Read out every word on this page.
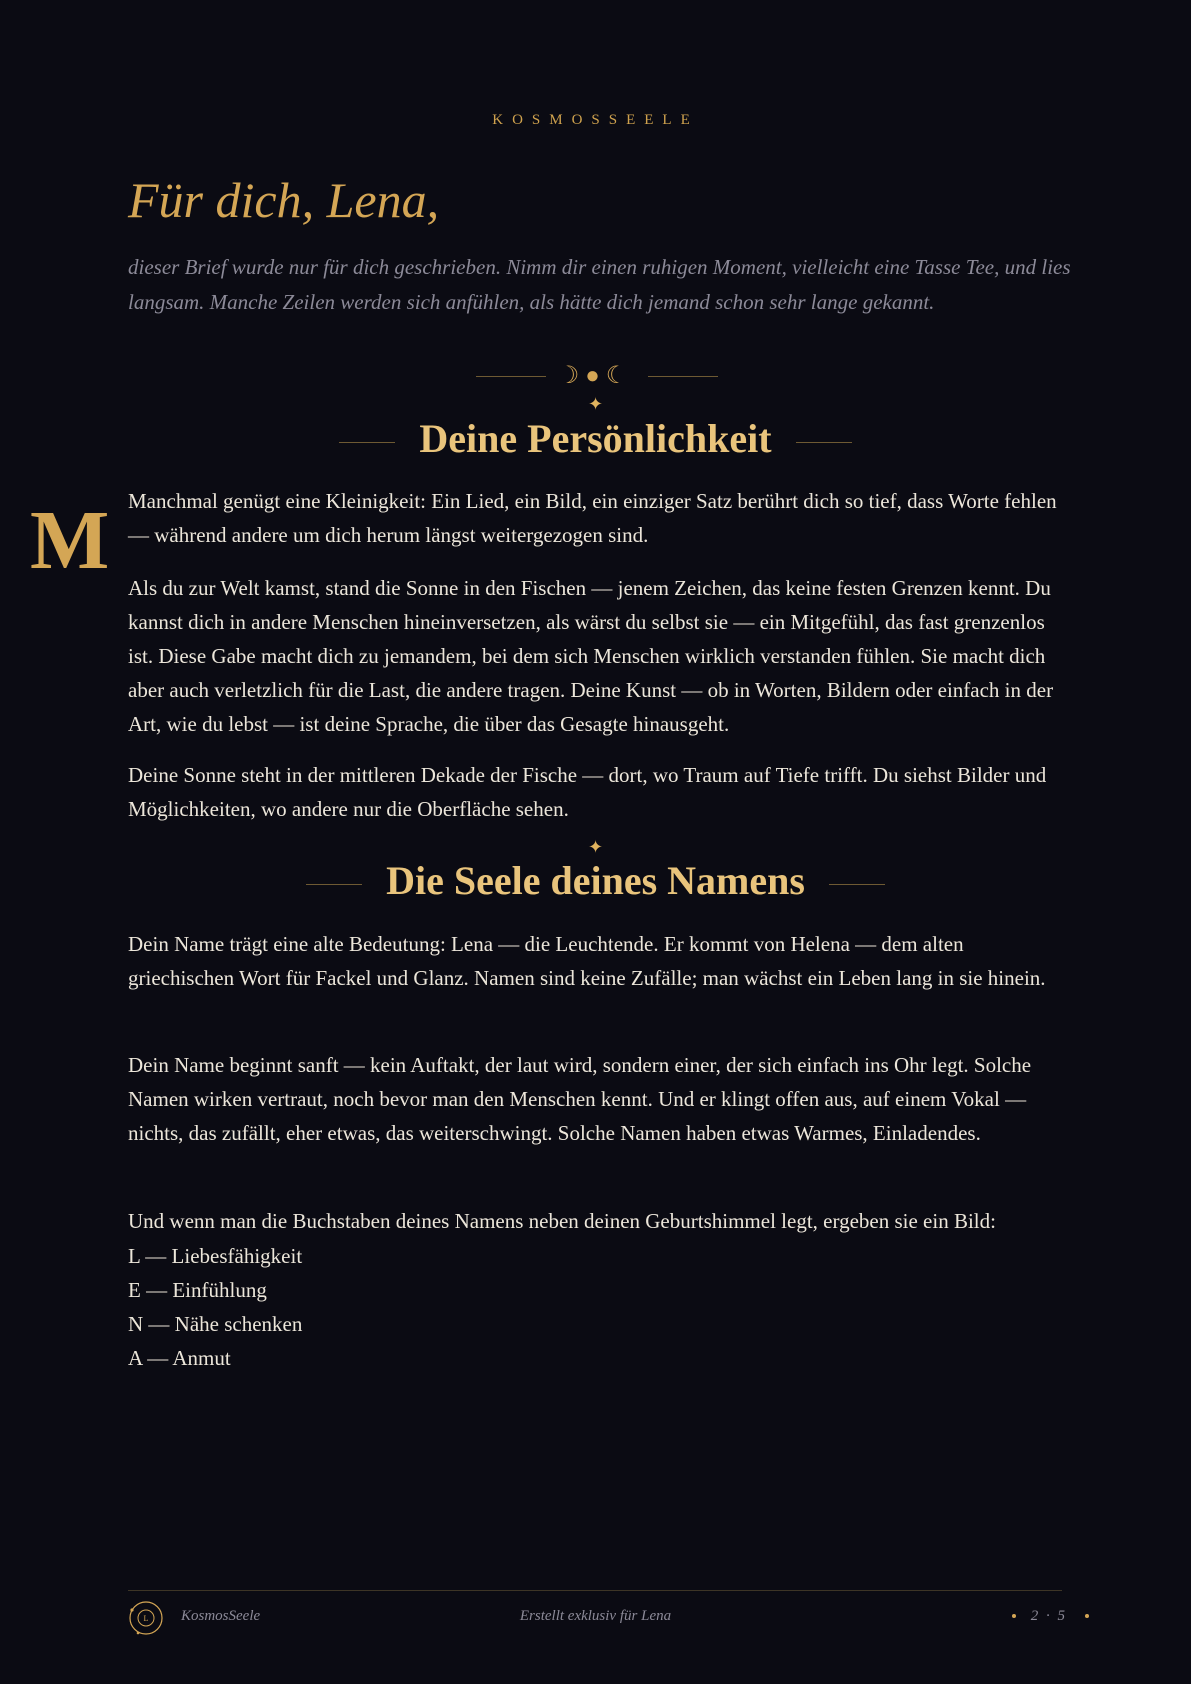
KOSMOSSEELE
Für dich, Lena,

dieser Brief wurde nur für dich geschrieben. Nimm dir einen ruhigen Moment, vielleicht eine Tasse Tee, und lies langsam. Manche Zeilen werden sich anfühlen, als hätte dich jemand schon sehr lange gekannt.

☽●☾
✦
Deine Persönlichkeit
M Manchmal genügt eine Kleinigkeit: Ein Lied, ein Bild, ein einziger Satz berührt dich so tief, dass Worte fehlen — während andere um dich herum längst weitergezogen sind.

Als du zur Welt kamst, stand die Sonne in den Fischen — jenem Zeichen, das keine festen Grenzen kennt. Du kannst dich in andere Menschen hineinversetzen, als wärst du selbst sie — ein Mitgefühl, das fast grenzenlos ist. Diese Gabe macht dich zu jemandem, bei dem sich Menschen wirklich verstanden fühlen. Sie macht dich aber auch verletzlich für die Last, die andere tragen. Deine Kunst — ob in Worten, Bildern oder einfach in der Art, wie du lebst — ist deine Sprache, die über das Gesagte hinausgeht.

Deine Sonne steht in der mittleren Dekade der Fische — dort, wo Traum auf Tiefe trifft. Du siehst Bilder und Möglichkeiten, wo andere nur die Oberfläche sehen.

✦
Die Seele deines Namens

Dein Name trägt eine alte Bedeutung: Lena — die Leuchtende. Er kommt von Helena — dem alten griechischen Wort für Fackel und Glanz. Namen sind keine Zufälle; man wächst ein Leben lang in sie hinein.

Dein Name beginnt sanft — kein Auftakt, der laut wird, sondern einer, der sich einfach ins Ohr legt. Solche Namen wirken vertraut, noch bevor man den Menschen kennt. Und er klingt offen aus, auf einem Vokal — nichts, das zufällt, eher etwas, das weiterschwingt. Solche Namen haben etwas Warmes, Einladendes.

Und wenn man die Buchstaben deines Namens neben deinen Geburtshimmel legt, ergeben sie ein Bild:

L — Liebesfähigkeit
E — Einfühlung
N — Nähe schenken
A — Anmut
L KosmosSeele	Erstellt exklusiv für Lena	2 · 5
